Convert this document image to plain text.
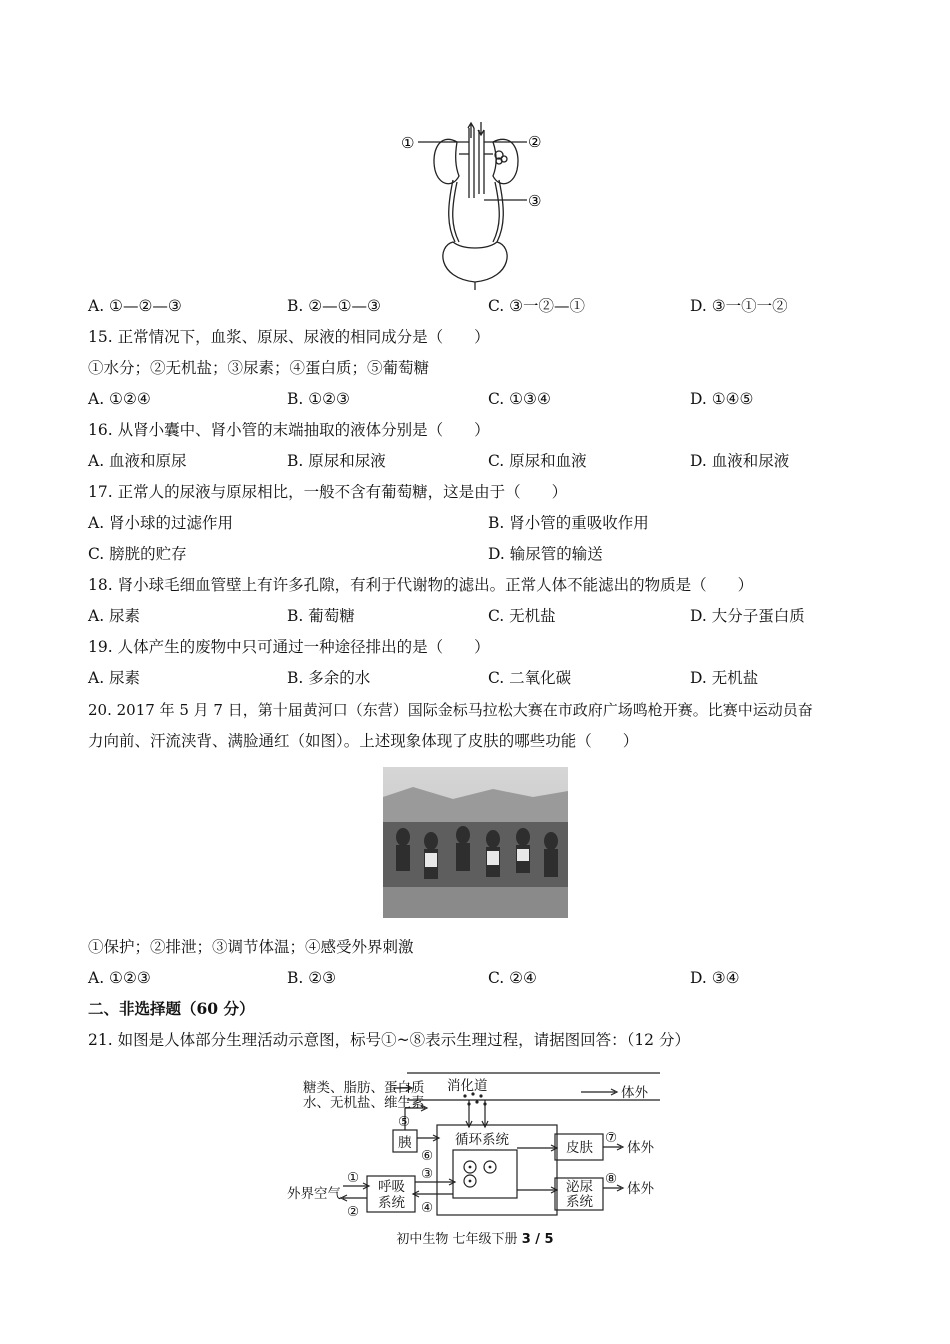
①	②
③
A. ①—②—③	B. ②—①—③	C. ③一②—①	D. ③一①一②
15. 正常情况下，血浆、原尿、尿液的相同成分是（　　）
①水分；②无机盐；③尿素；④蛋白质；⑤葡萄糖
A. ①②④	B. ①②③	C. ①③④	D. ①④⑤
16. 从肾小囊中、肾小管的末端抽取的液体分别是（　　）
A. 血液和原尿	B. 原尿和尿液	C. 原尿和血液	D. 血液和尿液
17. 正常人的尿液与原尿相比，一般不含有葡萄糖，这是由于（　　）
A. 肾小球的过滤作用	B. 肾小管的重吸收作用
C. 膀胱的贮存	D. 输尿管的输送
18. 肾小球毛细血管壁上有许多孔隙，有利于代谢物的滤出。正常人体不能滤出的物质是（　　）
A. 尿素	B. 葡萄糖	C. 无机盐	D. 大分子蛋白质
19. 人体产生的废物中只可通过一种途径排出的是（　　）
A. 尿素	B. 多余的水	C. 二氧化碳	D. 无机盐
20. 2017 年 5 月 7 日，第十届黄河口（东营）国际金标马拉松大赛在市政府广场鸣枪开赛。比赛中运动员奋
力向前、汗流浃背、满脸通红（如图）。上述现象体现了皮肤的哪些功能（　　）
①保护；②排泄；③调节体温；④感受外界刺激
A. ①②③	B. ②③	C. ②④	D. ③④
二、非选择题（60 分）
21. 如图是人体部分生理活动示意图，标号①~⑧表示生理过程，请据图回答：（12 分）
糖类、脂肪、蛋白质
水、无机盐、维生素
消化道	体外
胰	循环系统	皮肤	体外
呼吸
系统
泌尿
系统
体外
外界空气
①
②
③
④
⑤
⑥
⑦
⑧
初中生物 七年级下册 3 / 5
